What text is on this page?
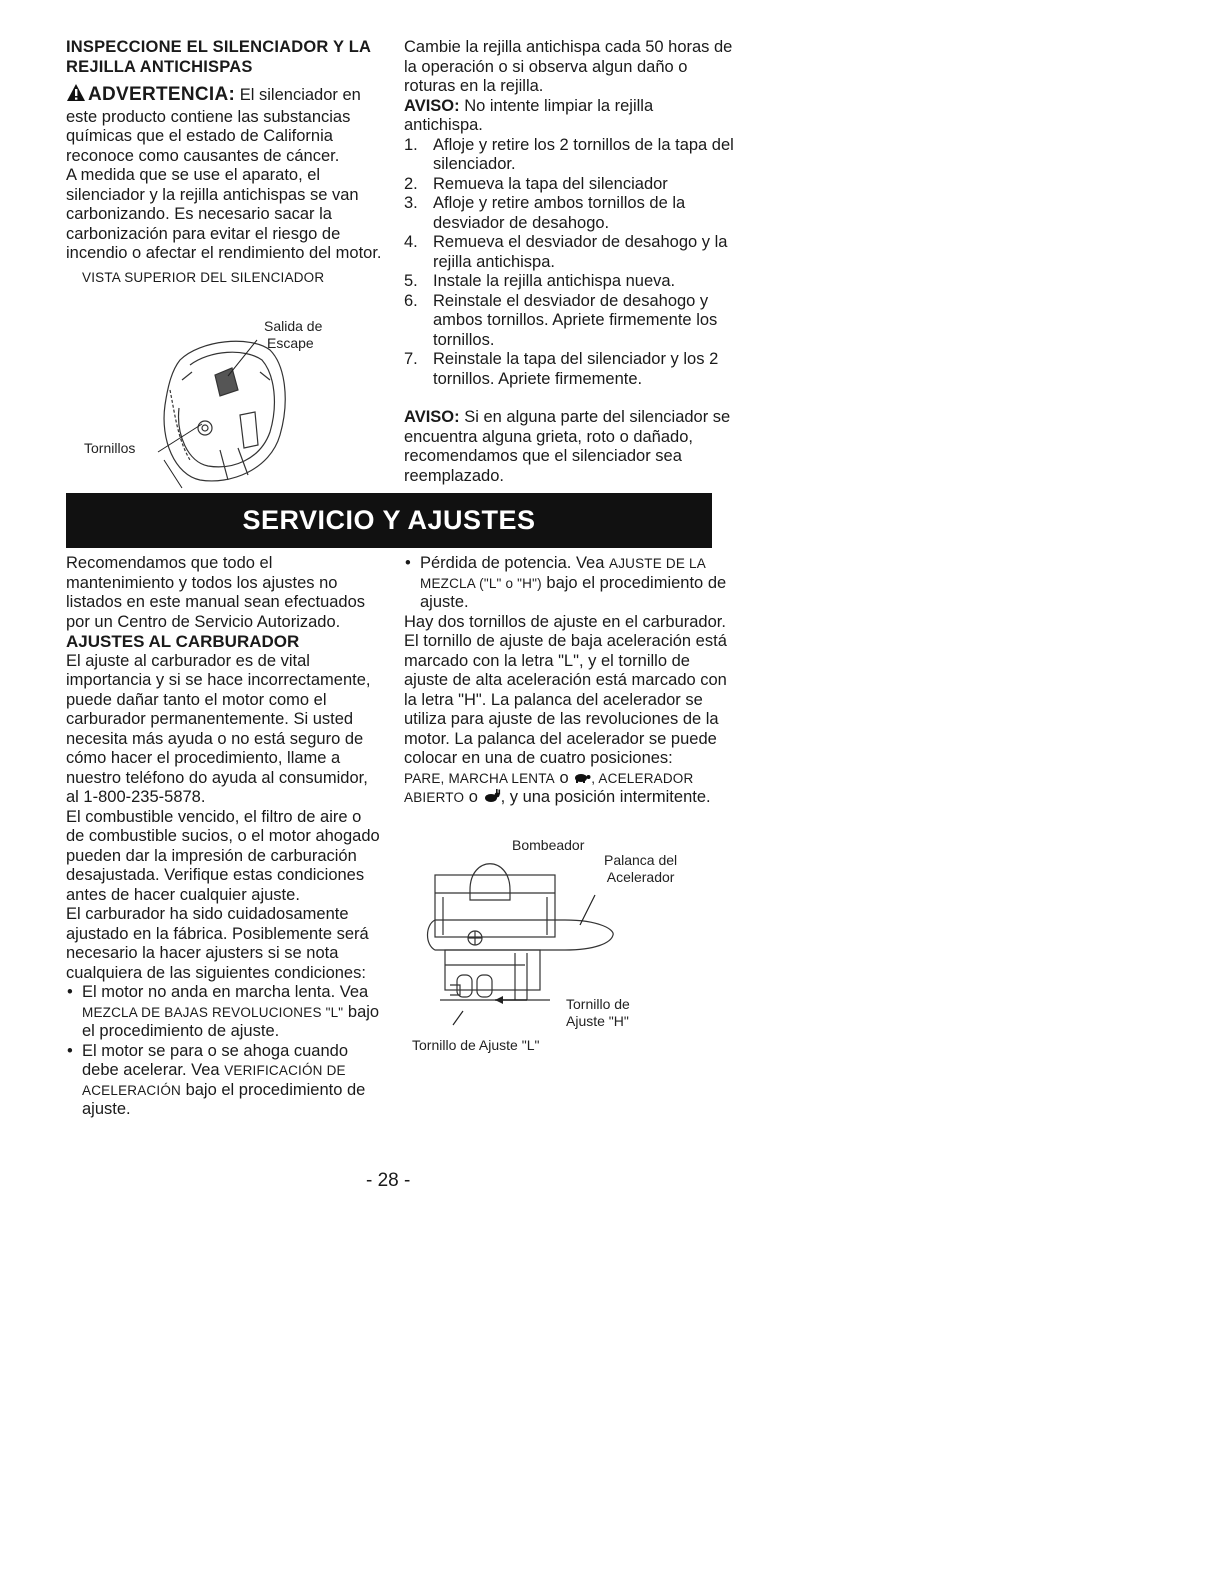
INSPECCIONE EL SILENCIADOR Y LA REJILLA ANTICHISPAS

ADVERTENCIA: El silenciador en este producto contiene las substancias químicas que el estado de California reconoce como causantes de cáncer.

A medida que se use el aparato, el silenciador y la rejilla antichispas se van carbonizando. Es necesario sacar la carbonización para evitar el riesgo de incendio o afectar el rendimiento del motor.

VISTA SUPERIOR DEL SILENCIADOR

Salida de
Escape
Tornillos

Cambie la rejilla antichispa cada 50 horas de la operación o si observa algun daño o roturas en la rejilla.

AVISO: No intente limpiar la rejilla antichispa.

1. Afloje y retire los 2 tornillos de la tapa del silenciador.
2. Remueva la tapa del silenciador
3. Afloje y retire ambos tornillos de la desviador de desahogo.
4. Remueva el desviador de desahogo y la rejilla antichispa.
5. Instale la rejilla antichispa nueva.
6. Reinstale el desviador de desahogo y ambos tornillos. Apriete firmemente los tornillos.
7. Reinstale la tapa del silenciador y los 2 tornillos. Apriete firmemente.

AVISO: Si en alguna parte del silenciador se encuentra alguna grieta, roto o dañado, recomendamos que el silenciador sea reemplazado.

SERVICIO Y AJUSTES

Recomendamos que todo el mantenimiento y todos los ajustes no listados en este manual sean efectuados por un Centro de Servicio Autorizado.

AJUSTES AL CARBURADOR

El ajuste al carburador es de vital importancia y si se hace incorrectamente, puede dañar tanto el motor como el carburador permanentemente. Si usted necesita más ayuda o no está seguro de cómo hacer el procedimiento, llame a nuestro teléfono do ayuda al consumidor, al 1-800-235-5878.

El combustible vencido, el filtro de aire o de combustible sucios, o el motor ahogado pueden dar la impresión de carburación desajustada. Verifique estas condiciones antes de hacer cualquier ajuste.

El carburador ha sido cuidadosamente ajustado en la fábrica. Posiblemente será necesario la hacer ajusters si se nota cualquiera de las siguientes condiciones:

• El motor no anda en marcha lenta. Vea MEZCLA DE BAJAS REVOLUCIONES "L" bajo el procedimiento de ajuste.
• El motor se para o se ahoga cuando debe acelerar. Vea VERIFICACIÓN DE ACELERACIÓN bajo el procedimiento de ajuste.
• Pérdida de potencia. Vea AJUSTE DE LA MEZCLA ("L" o "H") bajo el procedimiento de ajuste.

Hay dos tornillos de ajuste en el carburador. El tornillo de ajuste de baja aceleración está marcado con la letra "L", y el tornillo de ajuste de alta aceleración está marcado con la letra "H". La palanca del acelerador se utiliza para ajuste de las revoluciones de la motor. La palanca del acelerador se puede colocar en una de cuatro posiciones:

PARE, MARCHA LENTA o , ACELERADOR ABIERTO o , y una posición intermitente.

Bombeador
Palanca del
Acelerador
Tornillo de
Ajuste "H"
Tornillo de Ajuste "L"
- 28 -
